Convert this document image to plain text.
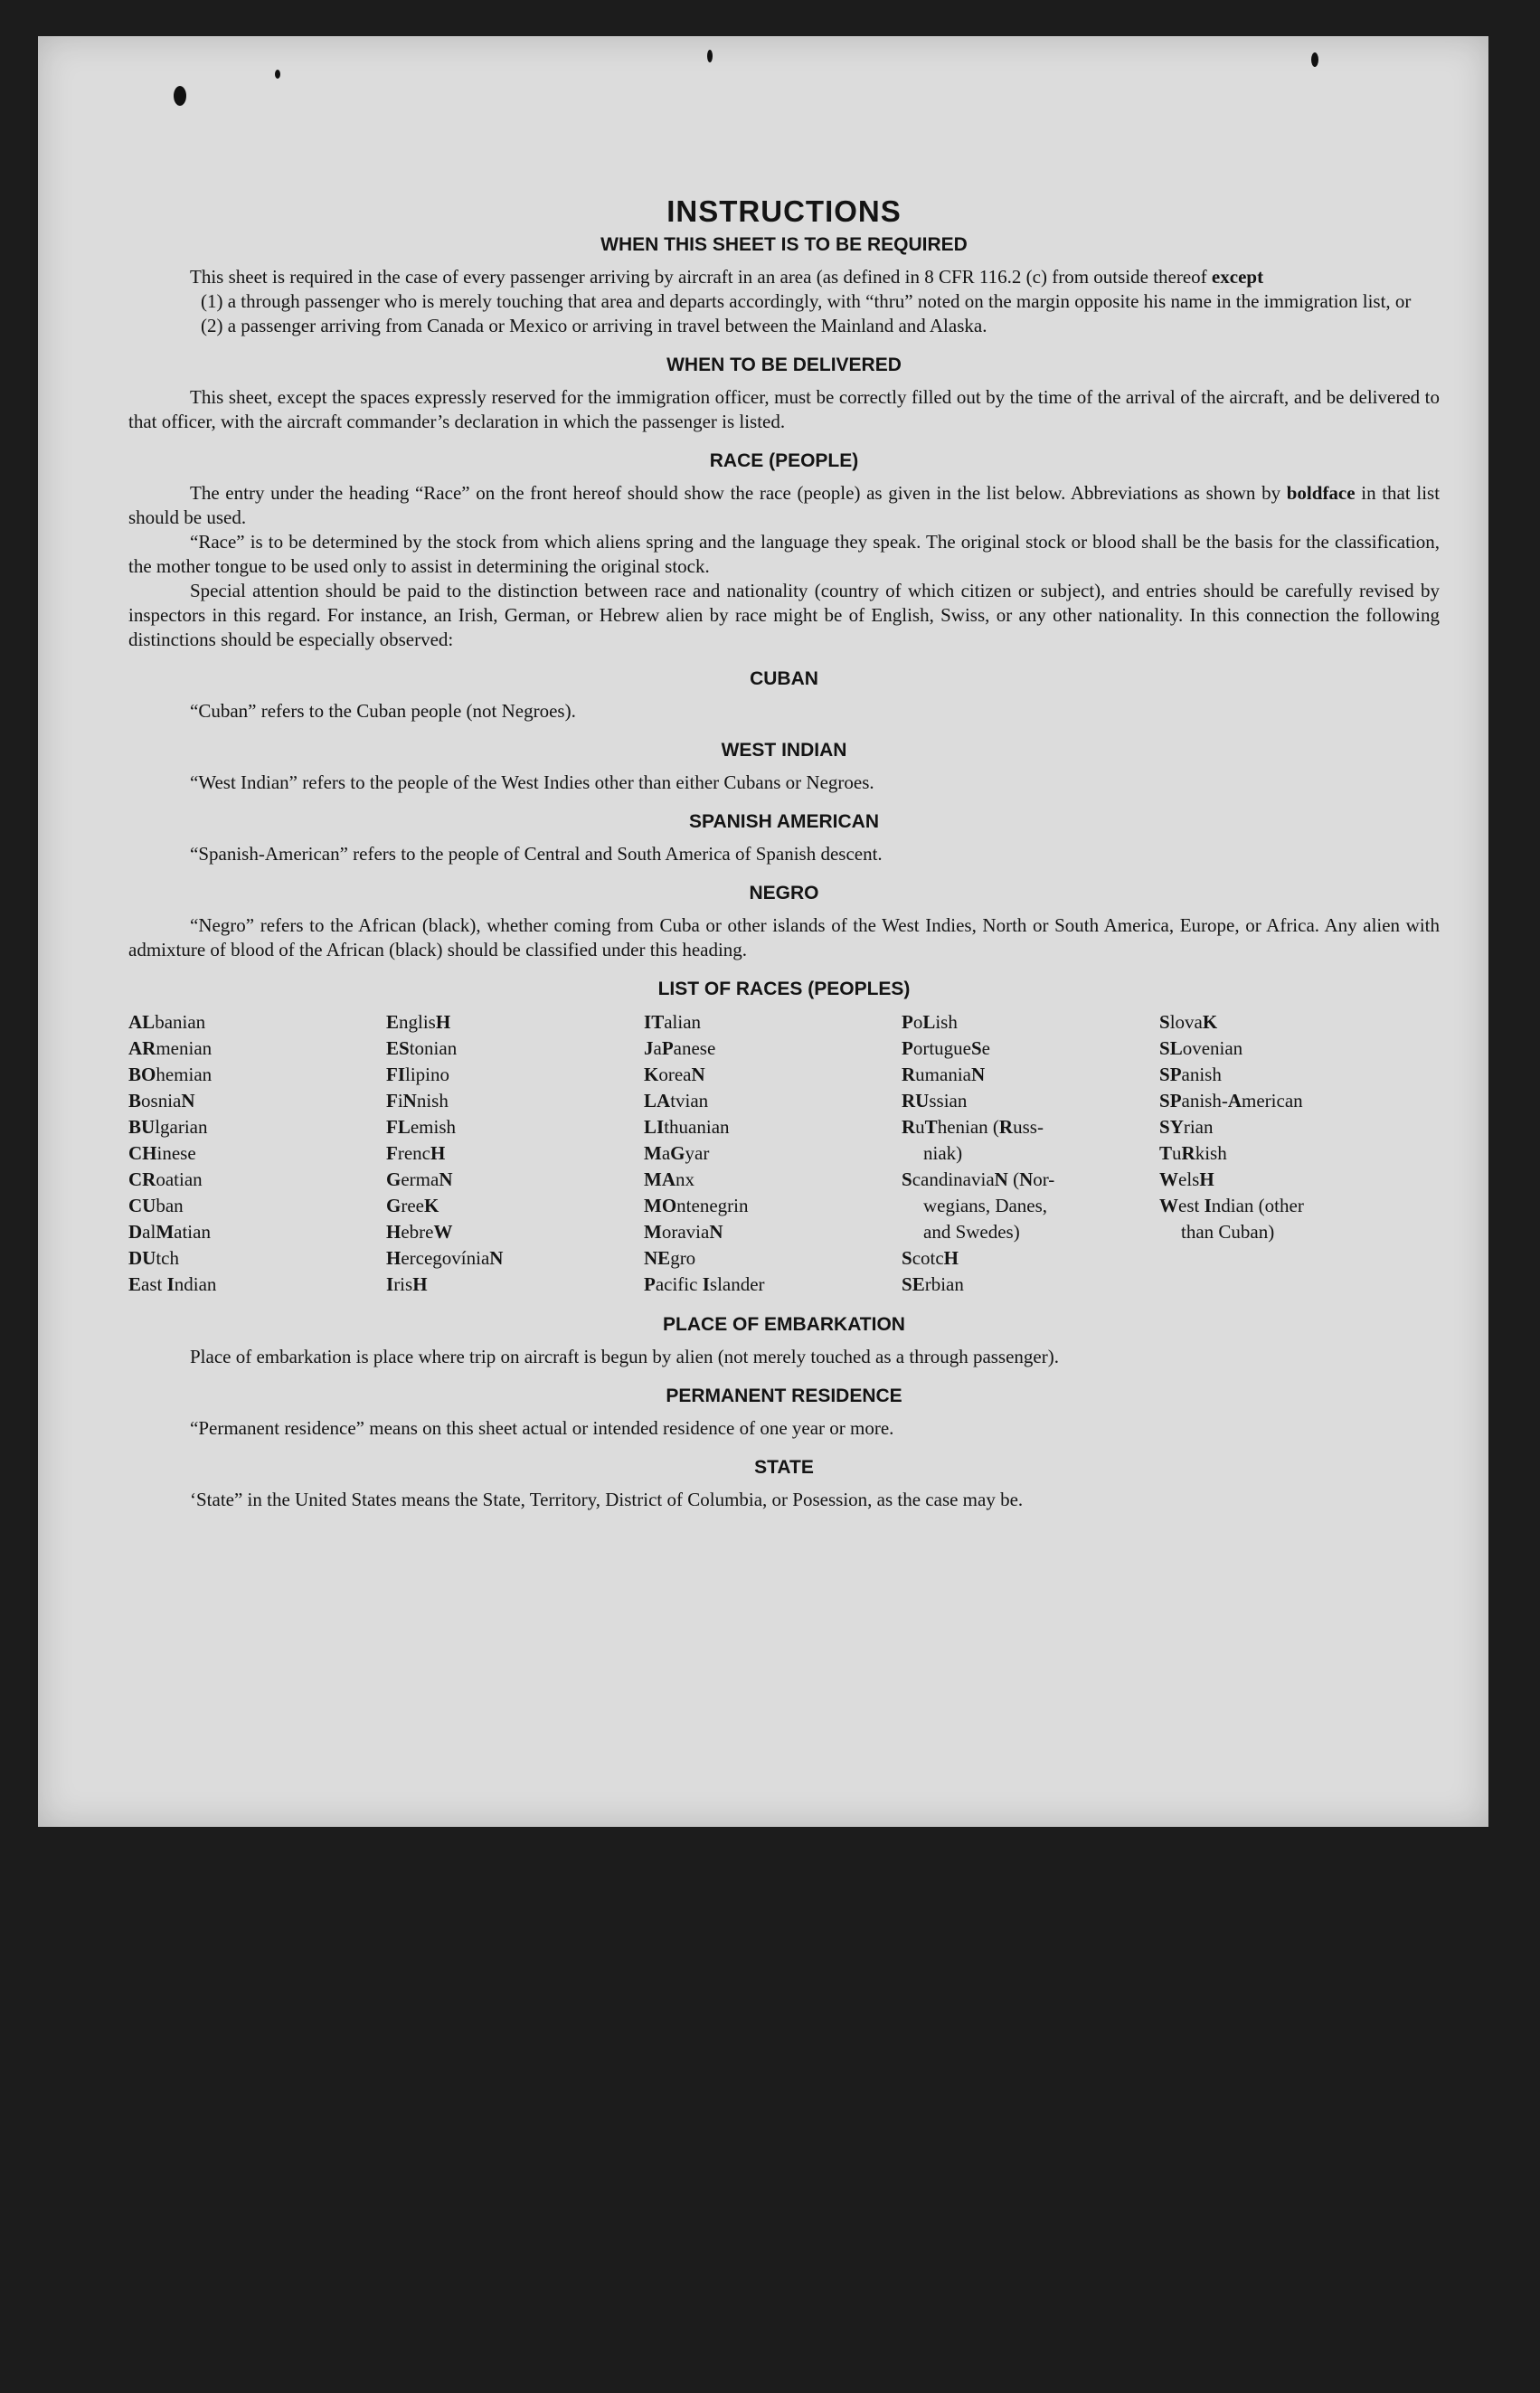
INSTRUCTIONS
WHEN THIS SHEET IS TO BE REQUIRED

This sheet is required in the case of every passenger arriving by aircraft in an area (as defined in 8 CFR 116.2 (c) from outside thereof except

(1) a through passenger who is merely touching that area and departs accordingly, with “thru” noted on the margin opposite his name in the immigration list, or
(2) a passenger arriving from Canada or Mexico or arriving in travel between the Mainland and Alaska.
WHEN TO BE DELIVERED

This sheet, except the spaces expressly reserved for the immigration officer, must be correctly filled out by the time of the arrival of the aircraft, and be delivered to that officer, with the aircraft commander’s declaration in which the passenger is listed.

RACE (PEOPLE)

The entry under the heading “Race” on the front hereof should show the race (people) as given in the list below. Abbreviations as shown by boldface in that list should be used.

“Race” is to be determined by the stock from which aliens spring and the language they speak. The original stock or blood shall be the basis for the classification, the mother tongue to be used only to assist in determining the original stock.

Special attention should be paid to the distinction between race and nationality (country of which citizen or subject), and entries should be carefully revised by inspectors in this regard. For instance, an Irish, German, or Hebrew alien by race might be of English, Swiss, or any other nationality. In this connection the following distinctions should be especially observed:

CUBAN

“Cuban” refers to the Cuban people (not Negroes).

WEST INDIAN

“West Indian” refers to the people of the West Indies other than either Cubans or Negroes.

SPANISH AMERICAN

“Spanish-American” refers to the people of Central and South America of Spanish descent.

NEGRO

“Negro” refers to the African (black), whether coming from Cuba or other islands of the West Indies, North or South America, Europe, or Africa. Any alien with admixture of blood of the African (black) should be classified under this heading.

LIST OF RACES (PEOPLES)
ALbanian
ARmenian
BOhemian
BosniaN
BUlgarian
CHinese
CRoatian
CUban
DalMatian
DUtch
East Indian
EnglisH
EStonian
FIlipino
FiNnish
FLemish
FrencH
GermaN
GreeK
HebreW
HercegovíniaN
IrisH
ITalian
JaPanese
KoreaN
LAtvian
LIthuanian
MaGyar
MAnx
MOntenegrin
MoraviaN
NEgro
Pacific Islander
PoLish
PortugueSe
RumaniaN
RUssian
RuThenian (Russ-
niak)
ScandinaviaN (Nor-
wegians, Danes,
and Swedes)
ScotcH
SErbian
SlovaK
SLovenian
SPanish
SPanish-American
SYrian
TuRkish
WelsH
West Indian (other
than Cuban)
PLACE OF EMBARKATION

Place of embarkation is place where trip on aircraft is begun by alien (not merely touched as a through passenger).

PERMANENT RESIDENCE

“Permanent residence” means on this sheet actual or intended residence of one year or more.

STATE

‘State” in the United States means the State, Territory, District of Columbia, or Posession, as the case may be.
